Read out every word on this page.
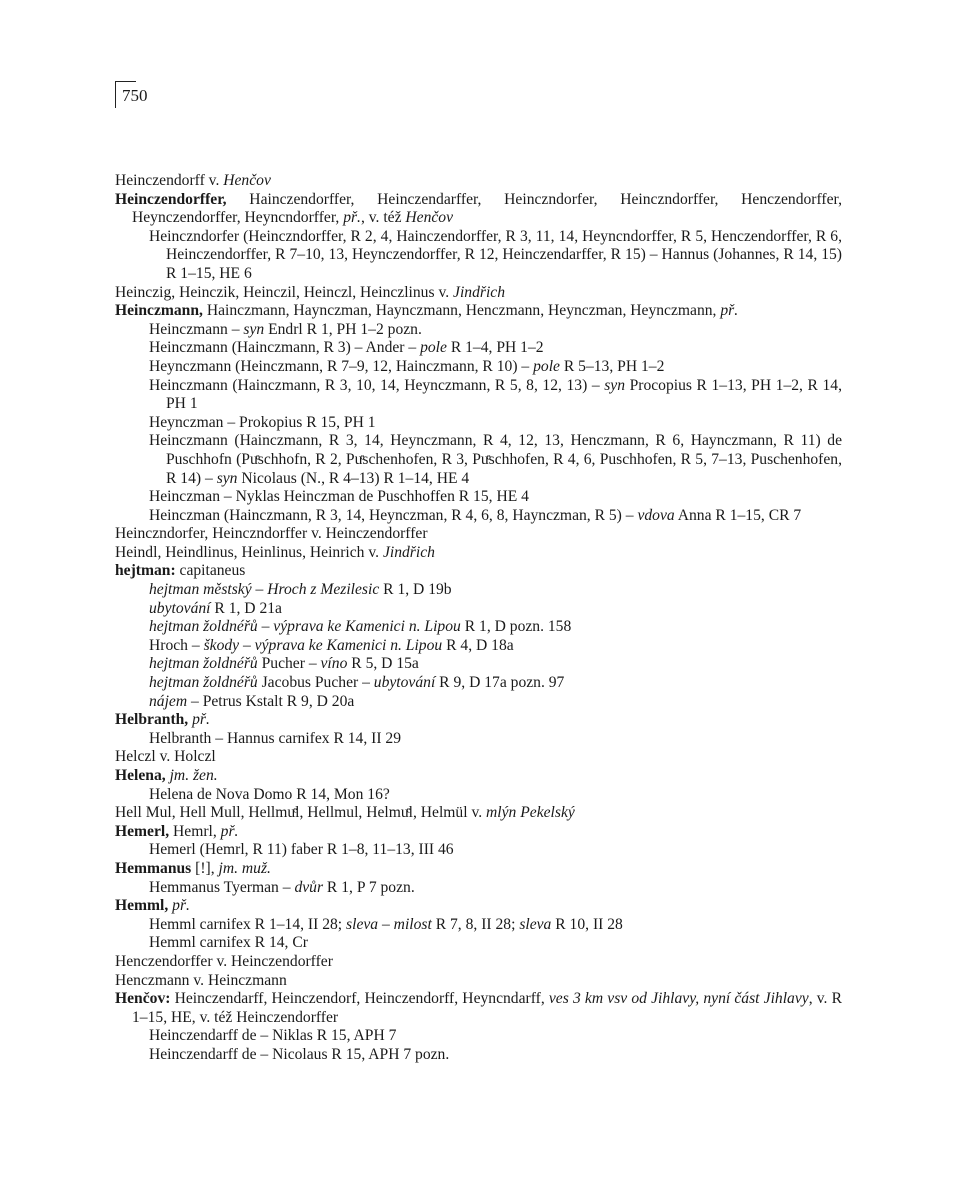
750
Heinczendorff v. Henčov
Heinczendorffer, Hainczendorffer, Heinczendarffer, Heinczndorfer, Heinczndorffer, Henczendorffer, Heynczendorffer, Heyncndorffer, př., v. též Henčov
Heinczndorfer (Heinczndorffer, R 2, 4, Hainczendorffer, R 3, 11, 14, Heyncndorffer, R 5, Henczendorffer, R 6, Heinczendorffer, R 7–10, 13, Heynczendorffer, R 12, Heinczendarffer, R 15) – Hannus (Johannes, R 14, 15) R 1–15, HE 6
Heinczig, Heinczik, Heinczil, Heinczl, Heinczlinus v. Jindřich
Heinczmann, Hainczmann, Haynczman, Haynczmann, Henczmann, Heynczman, Heynczmann, př.
Heinczmann – syn Endrl R 1, PH 1–2 pozn.
Heinczmann (Hainczmann, R 3) – Ander – pole R 1–4, PH 1–2
Heynczmann (Heinczmann, R 7–9, 12, Hainczmann, R 10) – pole R 5–13, PH 1–2
Heinczmann (Hainczmann, R 3, 10, 14, Heynczmann, R 5, 8, 12, 13) – syn Procopius R 1–13, PH 1–2, R 14, PH 1
Heynczman – Prokopius R 15, PH 1
Heinczmann (Hainczmann, R 3, 14, Heynczmann, R 4, 12, 13, Henczmann, R 6, Haynczmann, R 11) de Puschhofn (Puͤschhofn, R 2, Puͤschenhofen, R 3, Puͤschhofen, R 4, 6, Puschhofen, R 5, 7–13, Puschenhofen, R 14) – syn Nicolaus (N., R 4–13) R 1–14, HE 4
Heinczman – Nyklas Heinczman de Puschhoffen R 15, HE 4
Heinczman (Hainczmann, R 3, 14, Heynczman, R 4, 6, 8, Haynczman, R 5) – vdova Anna R 1–15, CR 7
Heinczndorfer, Heinczndorffer v. Heinczendorffer
Heindl, Heindlinus, Heinlinus, Heinrich v. Jindřich
hejtman: capitaneus
hejtman městský – Hroch z Mezilesic R 1, D 19b
ubytování R 1, D 21a
hejtman žoldnéřů – výprava ke Kamenici n. Lipou R 1, D pozn. 158
Hroch – škody – výprava ke Kamenici n. Lipou R 4, D 18a
hejtman žoldnéřů Pucher – víno R 5, D 15a
hejtman žoldnéřů Jacobus Pucher – ubytování R 9, D 17a pozn. 97
nájem – Petrus Kstalt R 9, D 20a
Helbranth, př.
Helbranth – Hannus carnifex R 14, II 29
Helczl v. Holczl
Helena, jm. žen.
Helena de Nova Domo R 14, Mon 16?
Hell Mul, Hell Mull, Hellmuͤl, Hellmul, Helmuͤl, Helmül v. mlýn Pekelský
Hemerl, Hemrl, př.
Hemerl (Hemrl, R 11) faber R 1–8, 11–13, III 46
Hemmanus [!], jm. muž.
Hemmanus Tyerman – dvůr R 1, P 7 pozn.
Hemml, př.
Hemml carnifex R 1–14, II 28; sleva – milost R 7, 8, II 28; sleva R 10, II 28
Hemml carnifex R 14, Cr
Henczendorffer v. Heinczendorffer
Henczmann v. Heinczmann
Henčov: Heinczendarff, Heinczendorf, Heinczendorff, Heyncndarff, ves 3 km vsv od Jihlavy, nyní část Jihlavy, v. R 1–15, HE, v. též Heinczendorffer
Heinczendarff de – Niklas R 15, APH 7
Heinczendarff de – Nicolaus R 15, APH 7 pozn.
